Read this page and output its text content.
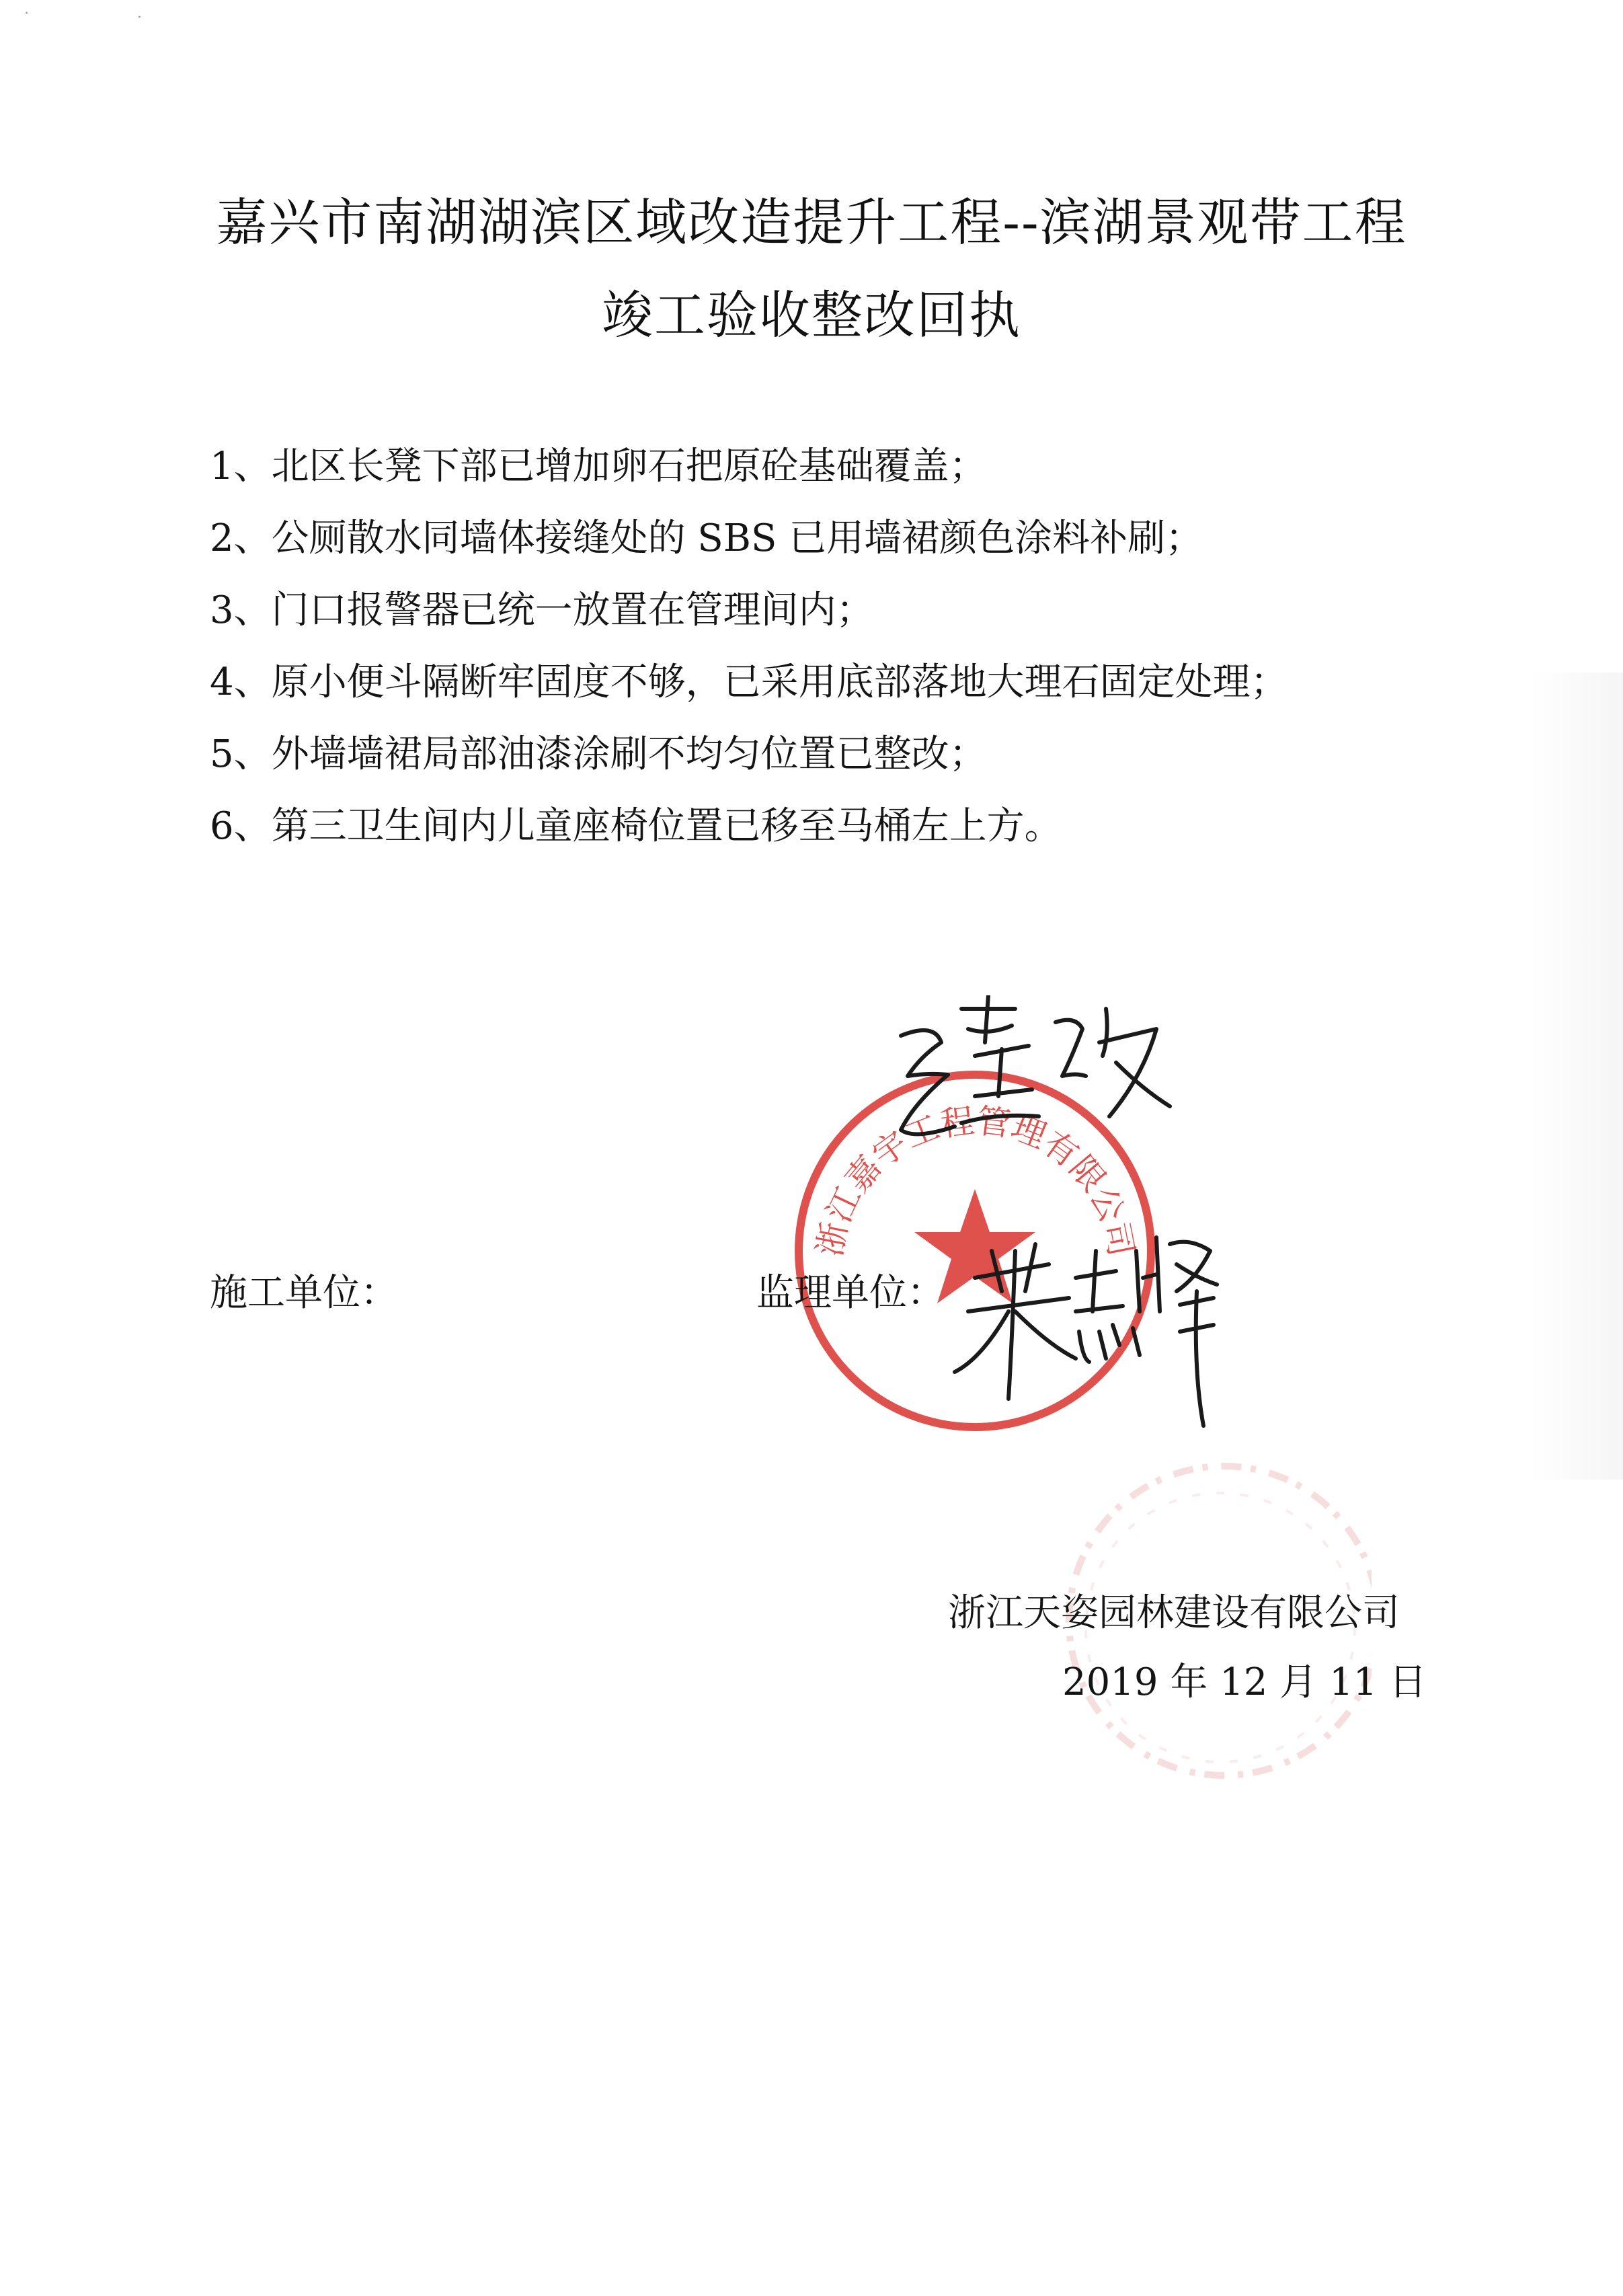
·	·
嘉兴市南湖湖滨区域改造提升工程--滨湖景观带工程
竣工验收整改回执
1、北区长凳下部已增加卵石把原砼基础覆盖；
2、公厕散水同墙体接缝处的 SBS 已用墙裙颜色涂料补刷；
3、门口报警器已统一放置在管理间内；
4、原小便斗隔断牢固度不够，已采用底部落地大理石固定处理；
5、外墙墙裙局部油漆涂刷不均匀位置已整改；
6、第三卫生间内儿童座椅位置已移至马桶左上方。
施工单位：
浙江嘉宇工程管理有限公司
监理单位：
浙江天姿园林建设有限公司
2019 年 12 月 11 日
